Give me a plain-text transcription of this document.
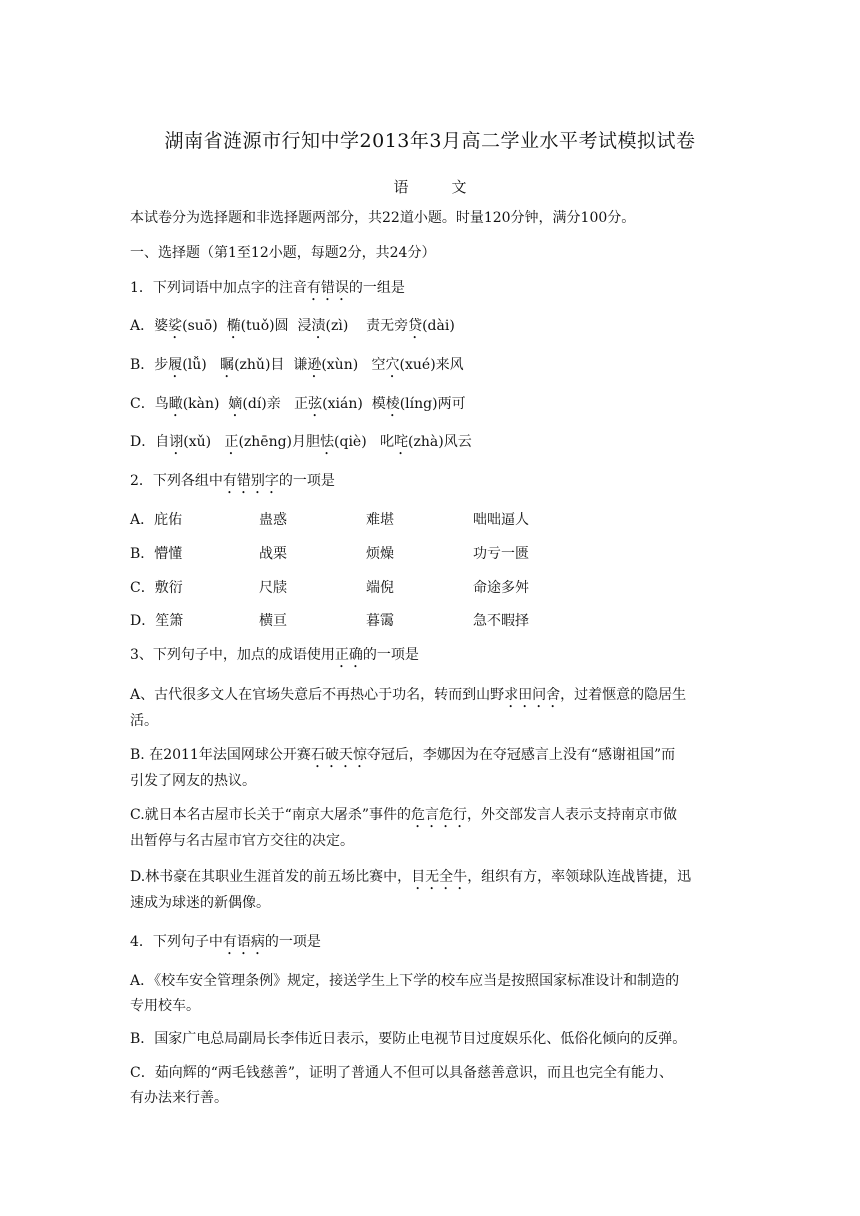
湖南省涟源市行知中学2013年3月高二学业水平考试模拟试卷
语	文
本试卷分为选择题和非选择题两部分，共22道小题。时量120分钟，满分100分。
一、选择题（第1至12小题，每题2分，共24分）
1．下列词语中加点字的注音有错误的一组是
A．婆娑(suō) 椭(tuǒ)圆  浸渍(zì)    责无旁贷(dài)
B．步履(lǚ) 瞩(zhǔ)目  谦逊(xùn)   空穴(xué)来风
C．鸟瞰(kàn) 嫡(dí)亲   正弦(xián)  模棱(líng)两可
D．自诩(xǔ) 正(zhēng)月胆怯(qiè)   叱咤(zhà)风云
2．下列各组中有错别字的一项是
A．庇佑	蛊惑	难堪	咄咄逼人
B．懵懂	战栗	烦燥	功亏一匮
C．敷衍	尺牍	端倪	命途多舛
D．笙箫	横亘	暮霭	急不暇择
3、下列句子中，加点的成语使用正确的一项是
A、古代很多文人在官场失意后不再热心于功名，转而到山野求田问舍，过着惬意的隐居生
活。
B. 在2011年法国网球公开赛石破天惊夺冠后，李娜因为在夺冠感言上没有“感谢祖国”而
引发了网友的热议。
C.就日本名古屋市长关于“南京大屠杀”事件的危言危行，外交部发言人表示支持南京市做
出暂停与名古屋市官方交往的决定。
D.林书豪在其职业生涯首发的前五场比赛中，目无全牛，组织有方，率领球队连战皆捷，迅
速成为球迷的新偶像。
4．下列句子中有语病的一项是
A．《校车安全管理条例》规定，接送学生上下学的校车应当是按照国家标准设计和制造的
专用校车。
B．国家广电总局副局长李伟近日表示，要防止电视节目过度娱乐化、低俗化倾向的反弹。
C．茹向辉的“两毛钱慈善”，证明了普通人不但可以具备慈善意识，而且也完全有能力、
有办法来行善。
